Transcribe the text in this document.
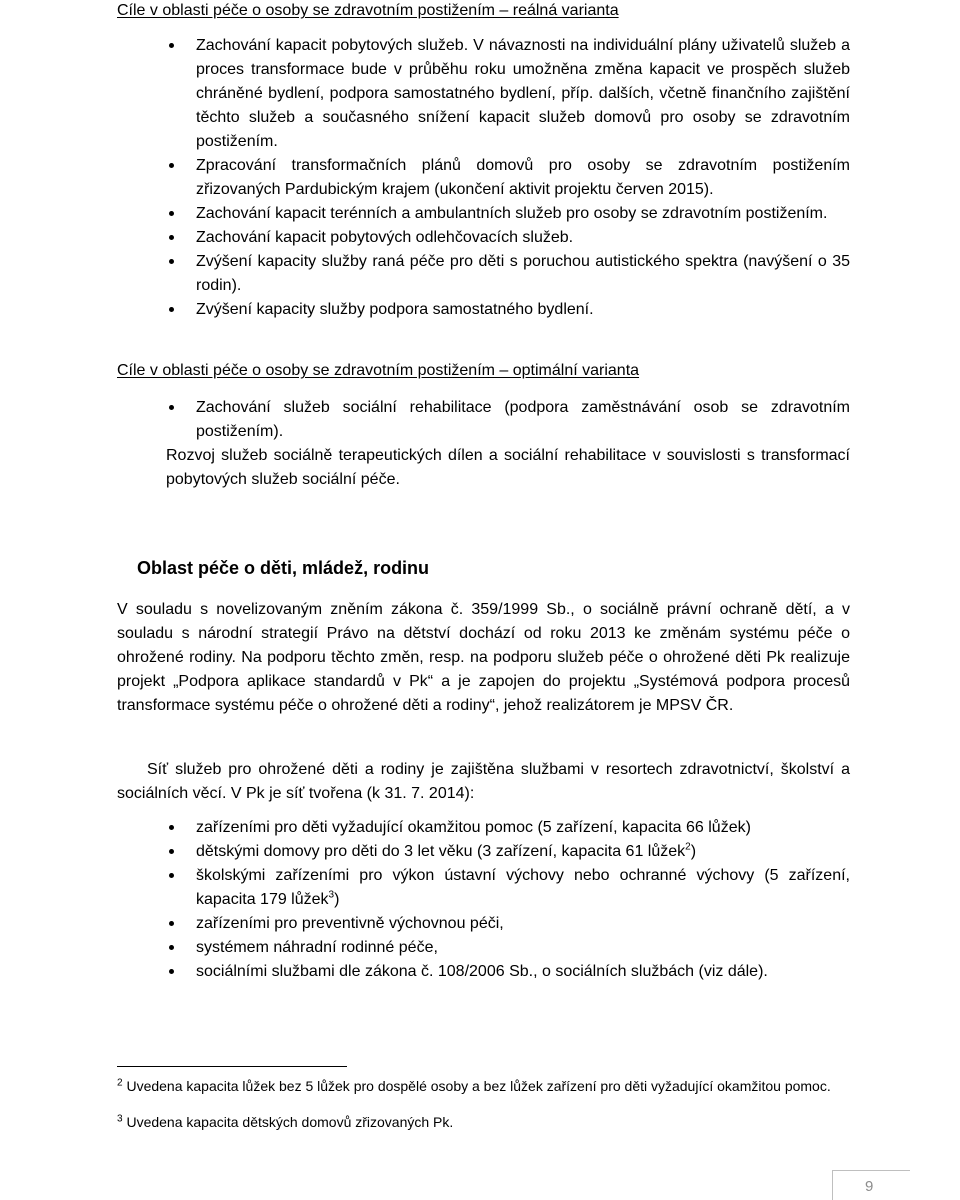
Cíle v oblasti péče o osoby se zdravotním postižením – reálná varianta
Zachování kapacit pobytových služeb. V návaznosti na individuální plány uživatelů služeb a proces transformace bude v průběhu roku umožněna změna kapacit ve prospěch služeb chráněné bydlení, podpora samostatného bydlení, příp. dalších, včetně finančního zajištění těchto služeb a současného snížení kapacit služeb domovů pro osoby se zdravotním postižením.
Zpracování transformačních plánů domovů pro osoby se zdravotním postižením zřizovaných Pardubickým krajem (ukončení aktivit projektu červen 2015).
Zachování kapacit terénních a ambulantních služeb pro osoby se zdravotním postižením.
Zachování kapacit pobytových odlehčovacích služeb.
Zvýšení kapacity služby raná péče pro děti s poruchou autistického spektra (navýšení o 35 rodin).
Zvýšení kapacity služby podpora samostatného bydlení.
Cíle v oblasti péče o osoby se zdravotním postižením – optimální varianta
Zachování služeb sociální rehabilitace (podpora zaměstnávání osob se zdravotním postižením).

Rozvoj služeb sociálně terapeutických dílen a sociální rehabilitace v souvislosti s transformací pobytových služeb sociální péče.

Oblast péče o děti, mládež, rodinu

V souladu s novelizovaným zněním zákona č. 359/1999 Sb., o sociálně právní ochraně dětí, a v souladu s národní strategií Právo na dětství dochází od roku 2013 ke změnám systému péče o ohrožené rodiny. Na podporu těchto změn, resp. na podporu služeb péče o ohrožené děti Pk realizuje projekt „Podpora aplikace standardů v Pk“ a je zapojen do projektu „Systémová podpora procesů transformace systému péče o ohrožené děti a rodiny“, jehož realizátorem je MPSV ČR.

Síť služeb pro ohrožené děti a rodiny je zajištěna službami v resortech zdravotnictví, školství a sociálních věcí. V Pk je síť tvořena (k 31. 7. 2014):

zařízeními pro děti vyžadující okamžitou pomoc (5 zařízení, kapacita 66 lůžek)
dětskými domovy pro děti do 3 let věku (3 zařízení, kapacita 61 lůžek$^2$)
školskými zařízeními pro výkon ústavní výchovy nebo ochranné výchovy (5 zařízení, kapacita 179 lůžek$^3$)
zařízeními pro preventivně výchovnou péči,
systémem náhradní rodinné péče,
sociálními službami dle zákona č. 108/2006 Sb., o sociálních službách (viz dále).

$^2$ Uvedena kapacita lůžek bez 5 lůžek pro dospělé osoby a bez lůžek zařízení pro děti vyžadující okamžitou pomoc.

$^3$ Uvedena kapacita dětských domovů zřizovaných Pk.

9
